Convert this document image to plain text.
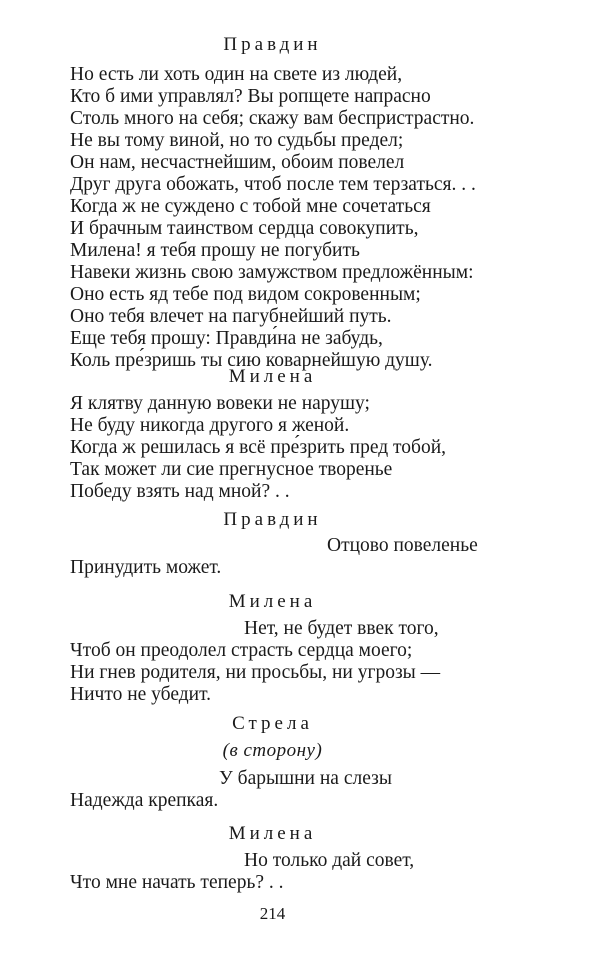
Правдин
Но есть ли хоть один на свете из людей,
Кто б ими управлял? Вы ропщете напрасно
Столь много на себя; скажу вам беспристрастно.
Не вы тому виной, но то судьбы предел;
Он нам, несчастнейшим, обоим повелел
Друг друга обожать, чтоб после тем терзаться. . .
Когда ж не суждено с тобой мне сочетаться
И брачным таинством сердца совокупить,
Милена! я тебя прошу не погубить
Навеки жизнь свою замужством предложённым:
Оно есть яд тебе под видом сокровенным;
Оно тебя влечет на пагубнейший путь.
Еще тебя прошу: Правди́на не забудь,
Коль пре́зришь ты сию коварнейшую душу.
Милена
Я клятву данную вовеки не нарушу;
Не буду никогда другого я женой.
Когда ж решилась я всё пре́зрить пред тобой,
Так может ли сие прегнусное творенье
Победу взять над мной? . .
Правдин
Отцово повеленье
Принудить может.
Милена
Нет, не будет ввек того,
Чтоб он преодолел страсть сердца моего;
Ни гнев родителя, ни просьбы, ни угрозы —
Ничто не убедит.
Стрела
(в сторону)
У барышни на слезы
Надежда крепкая.
Милена
Но только дай совет,
Что мне начать теперь? . .
214
